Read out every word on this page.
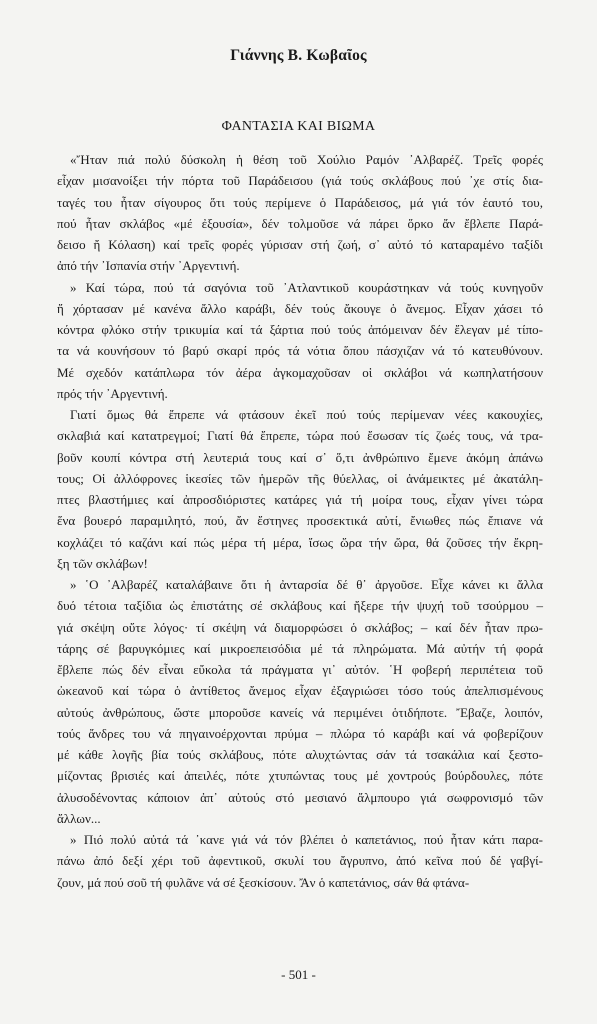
Γιάννης Β. Κωβαῖος
ΦΑΝΤΑΣΙΑ ΚΑΙ ΒΙΩΜΑ

«Ἤταν πιά πολύ δύσκολη ἡ θέση τοῦ Χούλιο Ραμόν ᾿Αλβαρέζ. Τρεῖς φορές
εἶχαν μισανοίξει τήν πόρτα τοῦ Παράδεισου (γιά τούς σκλάβους πού ᾿χε στίς δια-
ταγές του ἦταν σίγουρος ὅτι τούς περίμενε ὁ Παράδεισος, μά γιά τόν ἑαυτό του,
πού ἦταν σκλάβος «μέ ἐξουσία», δέν τολμοῦσε νά πάρει ὅρκο ἄν ἔβλεπε Παρά-
δεισο ἤ Κόλαση) καί τρεῖς φορές γύρισαν στή ζωή, σ᾿ αὐτό τό καταραμένο ταξίδι
ἀπό τήν ᾿Ισπανία στήν ᾿Αργεντινή.

» Καί τώρα, πού τά σαγόνια τοῦ ᾿Ατλαντικοῦ κουράστηκαν νά τούς κυνηγοῦν
ἤ χόρτασαν μέ κανένα ἄλλο καράβι, δέν τούς ἄκουγε ὁ ἄνεμος. Εἶχαν χάσει τό
κόντρα φλόκο στήν τρικυμία καί τά ξάρτια πού τούς ἀπόμειναν δέν ἔλεγαν μέ τίπο-
τα νά κουνήσουν τό βαρύ σκαρί πρός τά νότια ὅπου πάσχιζαν νά τό κατευθύνουν.
Μέ σχεδόν κατάπλωρα τόν ἀέρα ἀγκομαχοῦσαν οἱ σκλάβοι νά κωπηλατήσουν
πρός τήν ᾿Αργεντινή.

Γιατί ὅμως θά ἔπρεπε νά φτάσουν ἐκεῖ πού τούς περίμεναν νέες κακουχίες,
σκλαβιά καί κατατρεγμοί; Γιατί θά ἔπρεπε, τώρα πού ἔσωσαν τίς ζωές τους, νά τρα-
βοῦν κουπί κόντρα στή λευτεριά τους καί σ᾿ ὅ,τι ἀνθρώπινο ἔμενε ἀκόμη ἀπάνω
τους; Οἱ ἀλλόφρονες ἱκεσίες τῶν ἡμερῶν τῆς θύελλας, οἱ ἀνάμεικτες μέ ἀκατάλη-
πτες βλαστήμιες καί ἀπροσδιόριστες κατάρες γιά τή μοίρα τους, εἶχαν γίνει τώρα
ἕνα βουερό παραμιλητό, πού, ἄν ἔστηνες προσεκτικά αὐτί, ἔνιωθες πώς ἔπιανε νά
κοχλάζει τό καζάνι καί πώς μέρα τή μέρα, ἴσως ὥρα τήν ὥρα, θά ζοῦσες τήν ἔκρη-
ξη τῶν σκλάβων!

» ῾Ο ᾿Αλβαρέζ καταλάβαινε ὅτι ἡ ἀνταρσία δέ θ᾿ ἀργοῦσε. Εἶχε κάνει κι ἄλλα
δυό τέτοια ταξίδια ὡς ἐπιστάτης σέ σκλάβους καί ἤξερε τήν ψυχή τοῦ τσούρμου –
γιά σκέψη οὔτε λόγος· τί σκέψη νά διαμορφώσει ὁ σκλάβος; – καί δέν ἦταν πρω-
τάρης σέ βαρυγκόμιες καί μικροεπεισόδια μέ τά πληρώματα. Μά αὐτήν τή φορά
ἔβλεπε πώς δέν εἶναι εὔκολα τά πράγματα γι᾿ αὐτόν. ῾Η φοβερή περιπέτεια τοῦ
ὠκεανοῦ καί τώρα ὁ ἀντίθετος ἄνεμος εἶχαν ἐξαγριώσει τόσο τούς ἀπελπισμένους
αὐτούς ἀνθρώπους, ὥστε μποροῦσε κανείς νά περιμένει ὁτιδήποτε. Ἔβαζε, λοιπόν,
τούς ἄνδρες του νά πηγαινοέρχονται πρύμα – πλώρα τό καράβι καί νά φοβερίζουν
μέ κάθε λογῆς βία τούς σκλάβους, πότε αλυχτώντας σάν τά τσακάλια καί ξεστο-
μίζοντας βρισιές καί ἀπειλές, πότε χτυπώντας τους μέ χοντρούς βούρδουλες, πότε
ἁλυσοδένοντας κάποιον ἀπ᾿ αὐτούς στό μεσιανό ἄλμπουρο γιά σωφρονισμό τῶν
ἄλλων...

» Πιό πολύ αὐτά τά ᾿κανε γιά νά τόν βλέπει ὁ καπετάνιος, πού ἦταν κάτι παρα-
πάνω ἀπό δεξί χέρι τοῦ ἀφεντικοῦ, σκυλί του ἄγρυπνο, ἀπό κεῖνα πού δέ γαβγί-
ζουν, μά πού σοῦ τή φυλᾶνε νά σέ ξεσκίσουν. Ἄν ὁ καπετάνιος, σάν θά φτάνα-

- 501 -
